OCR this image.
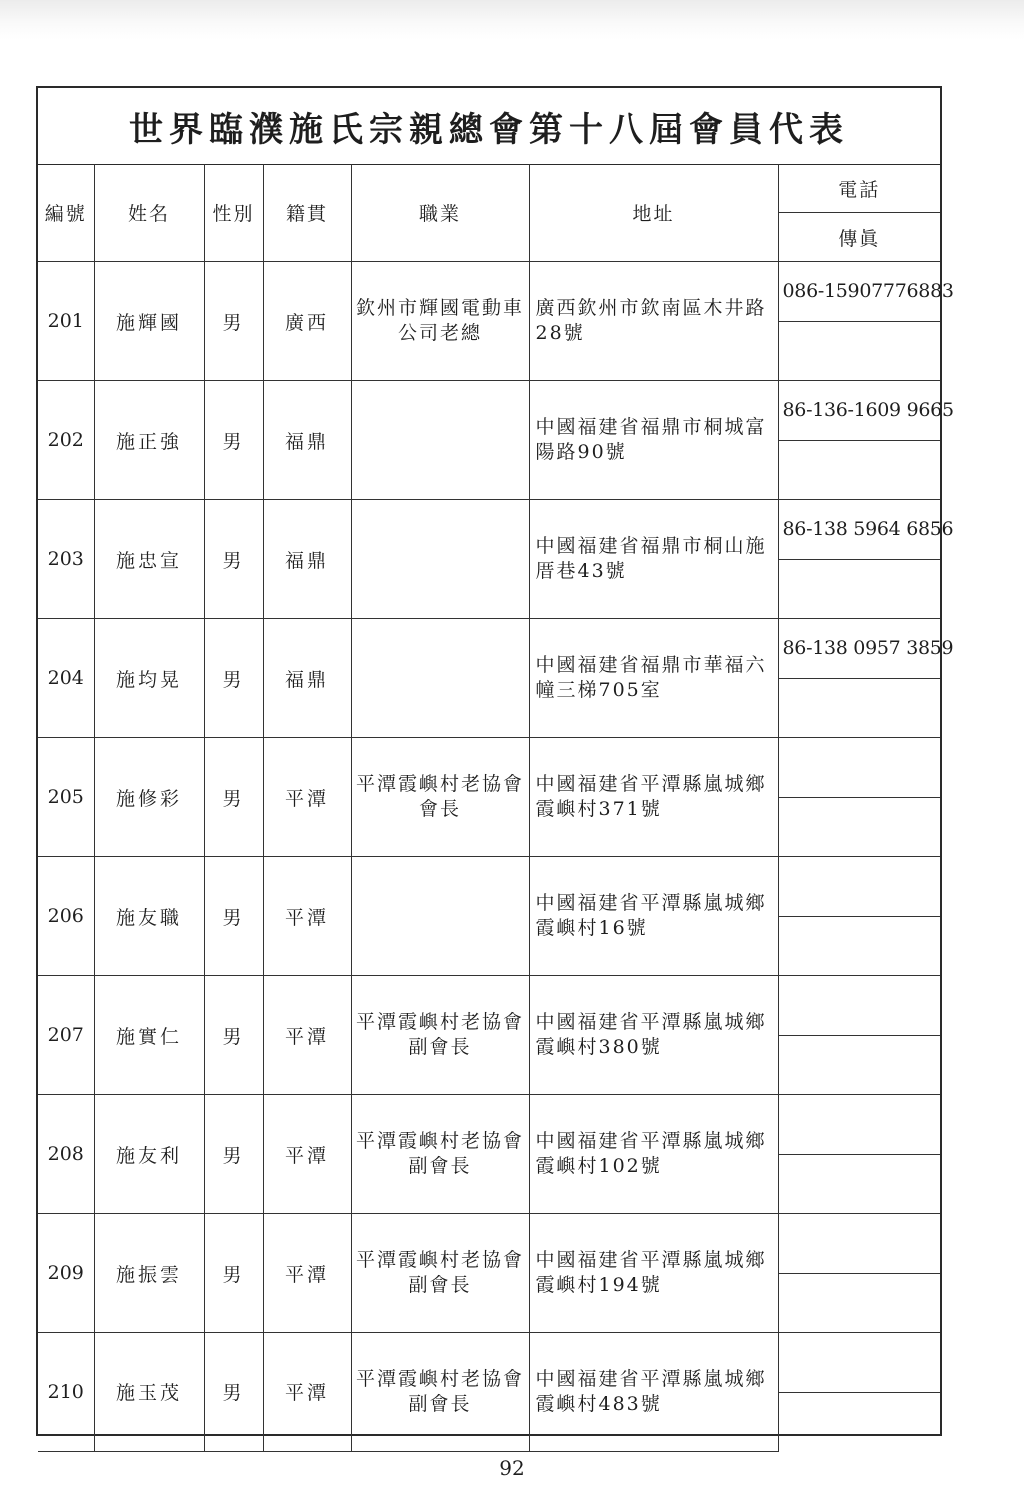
世界臨濮施氏宗親總會第十八屆會員代表
編號	姓名	性別	籍貫	職業	地址	電話
						傳眞
201	施輝國	男	廣西	欽州市輝國電動車公司老總	廣西欽州市欽南區木井路28號	086-15907776883

202	施正強	男	福鼎		中國福建省福鼎市桐城富陽路90號	86-136-1609 9665

203	施忠宣	男	福鼎		中國福建省福鼎市桐山施厝巷43號	86-138 5964 6856

204	施均晃	男	福鼎		中國福建省福鼎市華福六幢三梯705室	86-138 0957 3859

205	施修彩	男	平潭	平潭霞嶼村老協會會長	中國福建省平潭縣嵐城鄉霞嶼村371號	

206	施友職	男	平潭		中國福建省平潭縣嵐城鄉霞嶼村16號	

207	施實仁	男	平潭	平潭霞嶼村老協會副會長	中國福建省平潭縣嵐城鄉霞嶼村380號	

208	施友利	男	平潭	平潭霞嶼村老協會副會長	中國福建省平潭縣嵐城鄉霞嶼村102號	

209	施振雲	男	平潭	平潭霞嶼村老協會副會長	中國福建省平潭縣嵐城鄉霞嶼村194號	

210	施玉茂	男	平潭	平潭霞嶼村老協會副會長	中國福建省平潭縣嵐城鄉霞嶼村483號	

92
